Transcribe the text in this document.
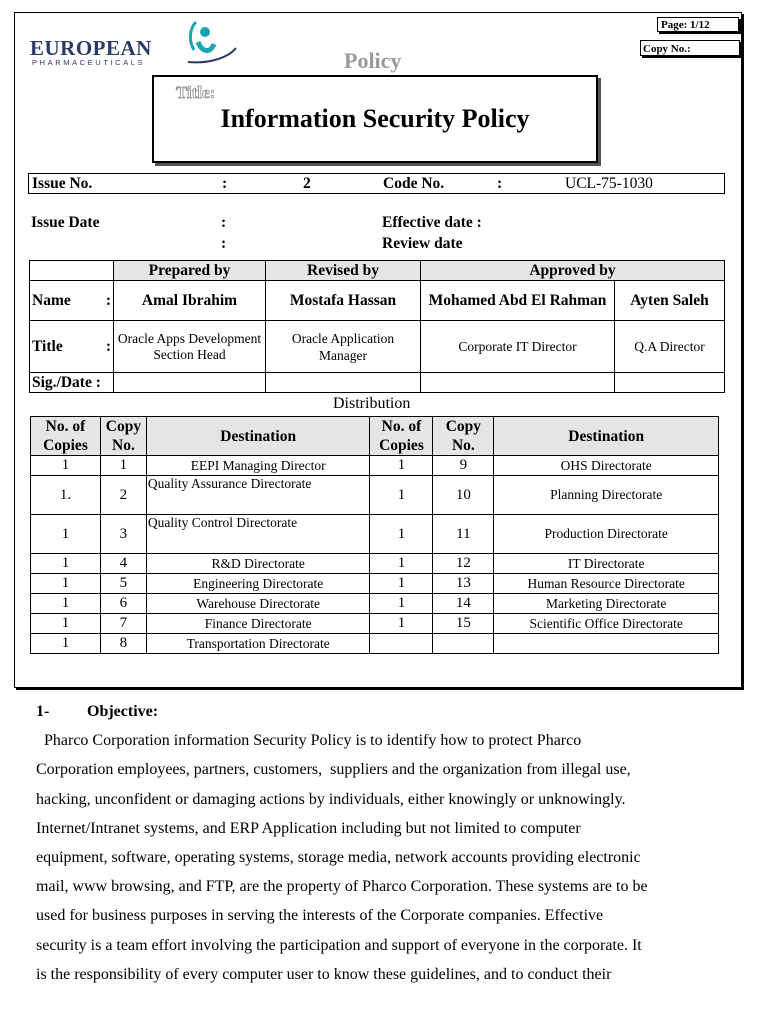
EUROPEAN
PHARMACEUTICALS
Page: 1/12
Copy No.:
Policy
Title:
Information Security Policy
Issue No.	:	2	Code No.	:	UCL-75-1030
Issue Date	:	Effective date :
:	Review date
	Prepared by	Revised by	Approved by	
Name :	Amal Ibrahim	Mostafa Hassan	Mohamed Abd El Rahman	Ayten Saleh
Title :	Oracle Apps Development Section Head	Oracle Application Manager	Corporate IT Director	Q.A Director
Sig./Date :				
Distribution
No. of Copies	Copy No.	Destination	No. of Copies	Copy No.	Destination
1	1	EEPI Managing Director	1	9	OHS Directorate
1.	2	Quality Assurance Directorate	1	10	Planning Directorate
1	3	Quality Control Directorate	1	11	Production Directorate
1	4	R&D Directorate	1	12	IT Directorate
1	5	Engineering Directorate	1	13	Human Resource Directorate
1	6	Warehouse Directorate	1	14	Marketing Directorate
1	7	Finance Directorate	1	15	Scientific Office Directorate
1	8	Transportation Directorate			
1- Objective:
Pharco Corporation information Security Policy is to identify how to protect Pharco
Corporation employees, partners, customers,  suppliers and the organization from illegal use,
hacking, unconfident or damaging actions by individuals, either knowingly or unknowingly.
Internet/Intranet systems, and ERP Application including but not limited to computer
equipment, software, operating systems, storage media, network accounts providing electronic
mail, www browsing, and FTP, are the property of Pharco Corporation. These systems are to be
used for business purposes in serving the interests of the Corporate companies. Effective
security is a team effort involving the participation and support of everyone in the corporate. It
is the responsibility of every computer user to know these guidelines, and to conduct their
